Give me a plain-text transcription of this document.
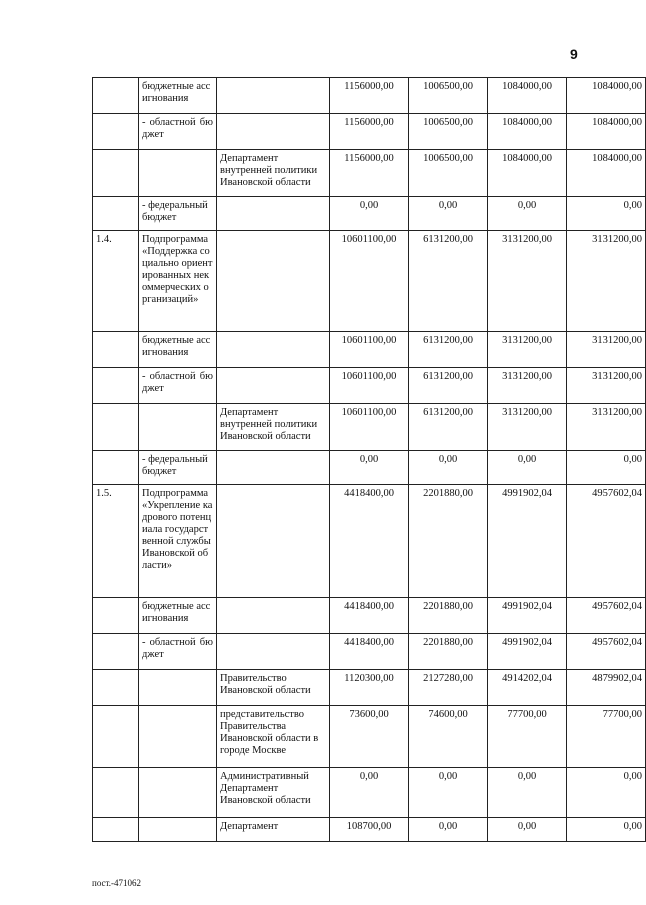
9
	бюджетные ассигнования		1156000,00	1006500,00	1084000,00	1084000,00
	- областной бюджет		1156000,00	1006500,00	1084000,00	1084000,00
		Департамент внутренней политики Ивановской области	1156000,00	1006500,00	1084000,00	1084000,00
	- федеральный бюджет		0,00	0,00	0,00	0,00
1.4.	Подпрограмма «Поддержка социально ориентированных некоммерческих организаций»		10601100,00	6131200,00	3131200,00	3131200,00
	бюджетные ассигнования		10601100,00	6131200,00	3131200,00	3131200,00
	- областной бюджет		10601100,00	6131200,00	3131200,00	3131200,00
		Департамент внутренней политики Ивановской области	10601100,00	6131200,00	3131200,00	3131200,00
	- федеральный бюджет		0,00	0,00	0,00	0,00
1.5.	Подпрограмма «Укрепление кадрового потенциала государственной службы Ивановской области»		4418400,00	2201880,00	4991902,04	4957602,04
	бюджетные ассигнования		4418400,00	2201880,00	4991902,04	4957602,04
	- областной бюджет		4418400,00	2201880,00	4991902,04	4957602,04
		Правительство Ивановской области	1120300,00	2127280,00	4914202,04	4879902,04
		представительство Правительства Ивановской области в городе Москве	73600,00	74600,00	77700,00	77700,00
		Административный Департамент Ивановской области	0,00	0,00	0,00	0,00
		Департамент	108700,00	0,00	0,00	0,00
пост.-471062
